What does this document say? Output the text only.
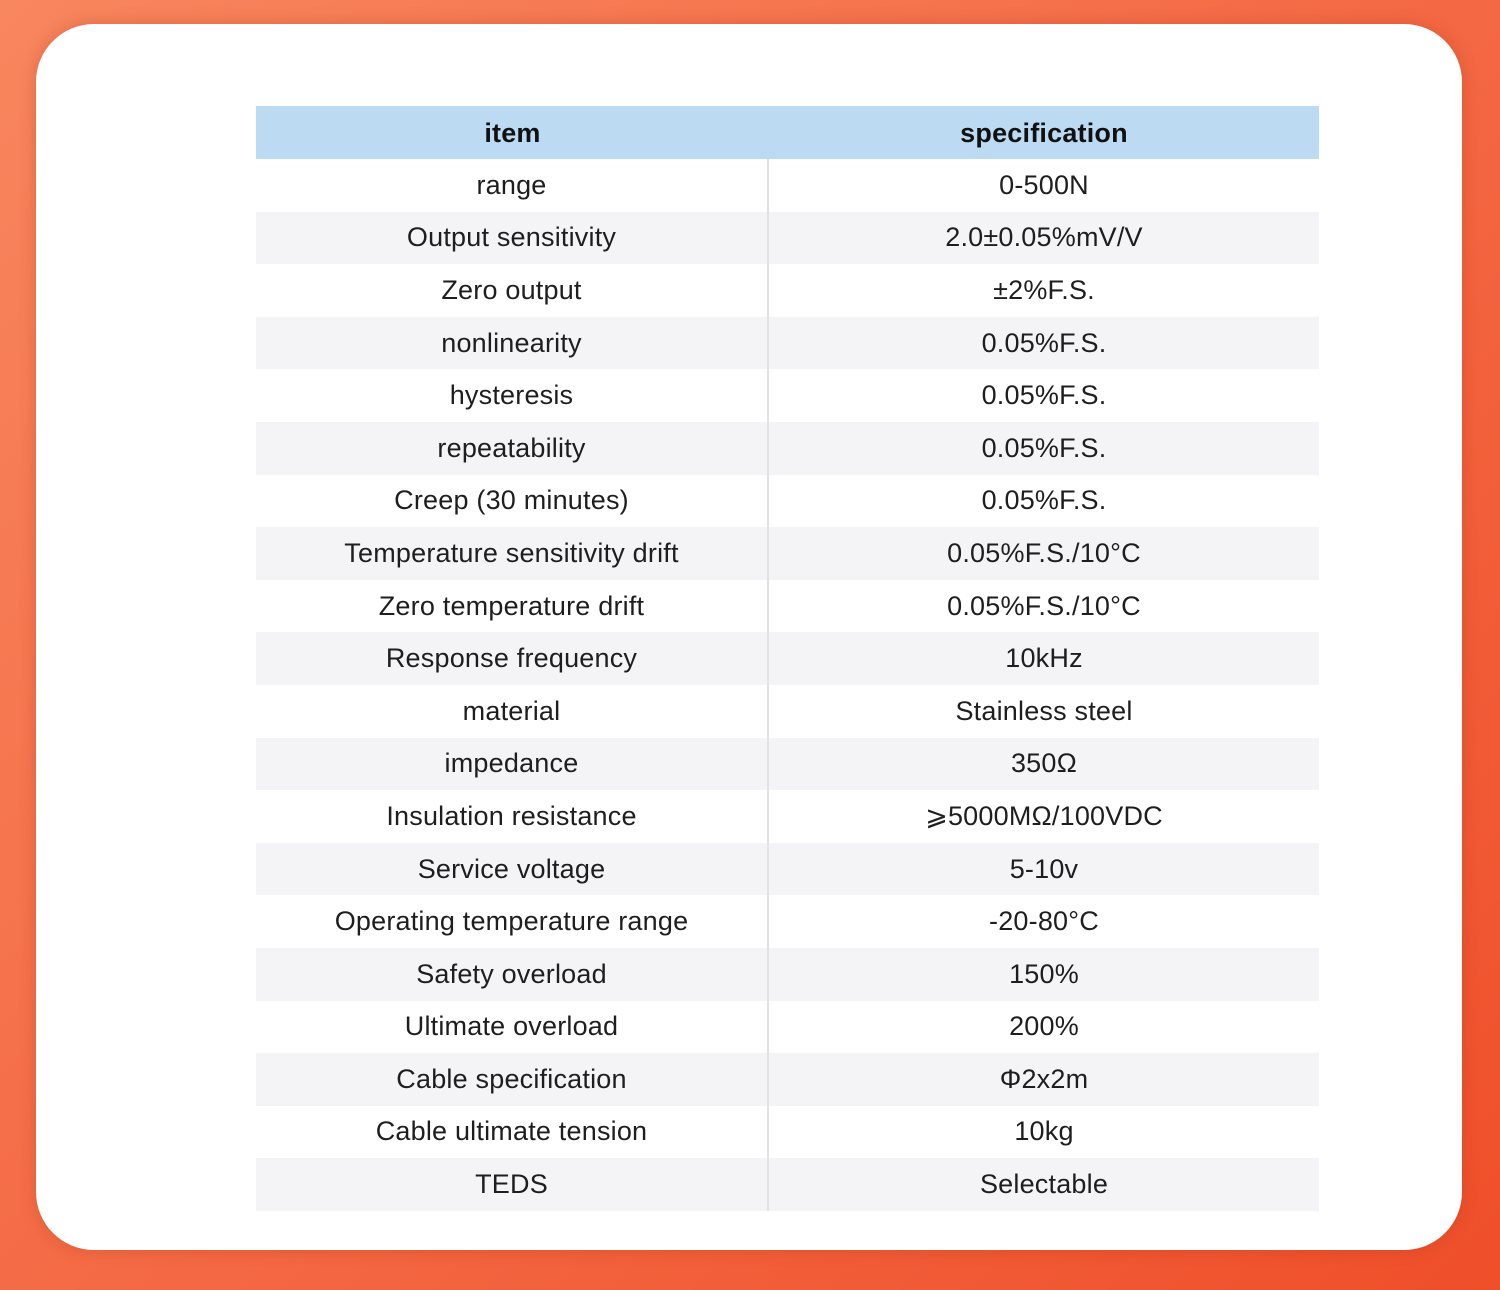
item	specification
range	0-500N
Output sensitivity	2.0±0.05%mV/V
Zero output	±2%F.S.
nonlinearity	0.05%F.S.
hysteresis	0.05%F.S.
repeatability	0.05%F.S.
Creep (30 minutes)	0.05%F.S.
Temperature sensitivity drift	0.05%F.S./10°C
Zero temperature drift	0.05%F.S./10°C
Response frequency	10kHz
material	Stainless steel
impedance	350Ω
Insulation resistance	⩾5000MΩ/100VDC
Service voltage	5-10v
Operating temperature range	-20-80°C
Safety overload	150%
Ultimate overload	200%
Cable specification	Φ2x2m
Cable ultimate tension	10kg
TEDS	Selectable
